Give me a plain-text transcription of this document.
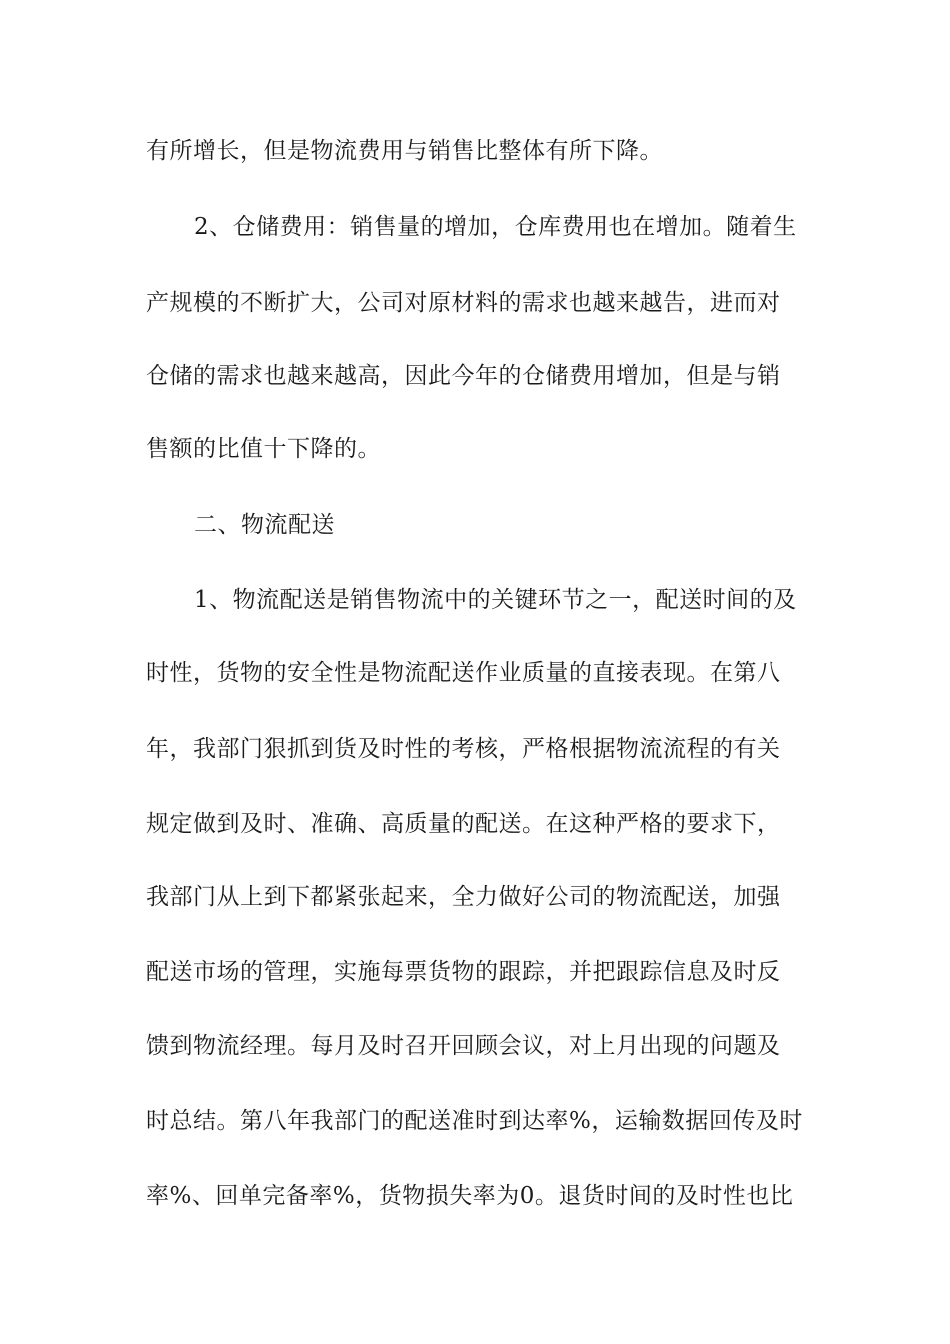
有所增长，但是物流费用与销售比整体有所下降。
2、仓储费用：销售量的增加，仓库费用也在增加。随着生
产规模的不断扩大，公司对原材料的需求也越来越告，进而对
仓储的需求也越来越高，因此今年的仓储费用增加，但是与销
售额的比值十下降的。
二、物流配送
1、物流配送是销售物流中的关键环节之一，配送时间的及
时性，货物的安全性是物流配送作业质量的直接表现。在第八
年，我部门狠抓到货及时性的考核，严格根据物流流程的有关
规定做到及时、准确、高质量的配送。在这种严格的要求下，
我部门从上到下都紧张起来，全力做好公司的物流配送，加强
配送市场的管理，实施每票货物的跟踪，并把跟踪信息及时反
馈到物流经理。每月及时召开回顾会议，对上月出现的问题及
时总结。第八年我部门的配送准时到达率%，运输数据回传及时
率%、回单完备率%，货物损失率为0。退货时间的及时性也比
